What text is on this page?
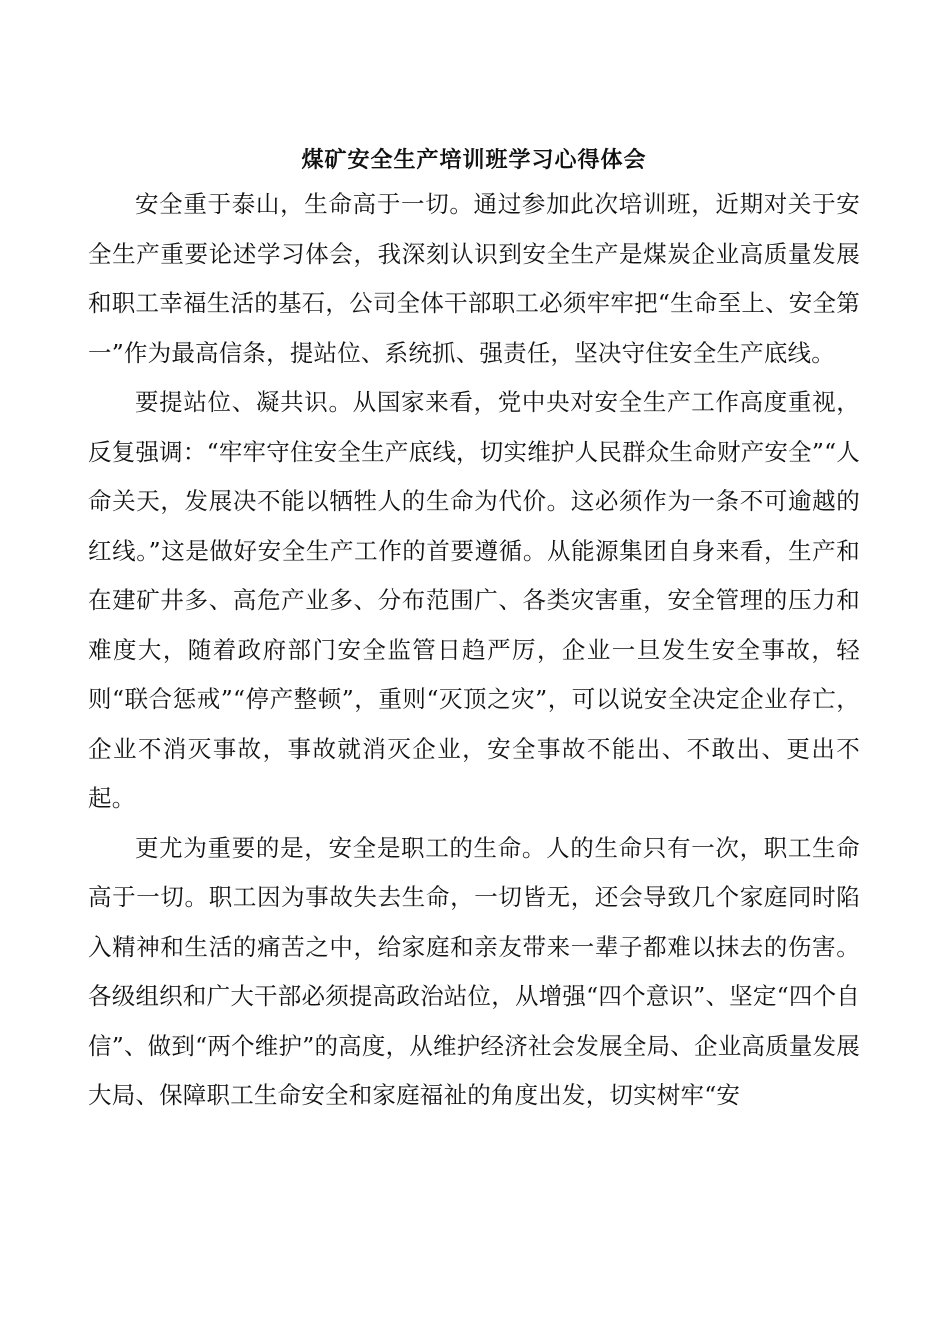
煤矿安全生产培训班学习心得体会

安全重于泰山，生命高于一切。通过参加此次培训班，近期对关于安全生产重要论述学习体会，我深刻认识到安全生产是煤炭企业高质量发展和职工幸福生活的基石，公司全体干部职工必须牢牢把“生命至上、安全第一”作为最高信条，提站位、系统抓、强责任，坚决守住安全生产底线。

要提站位、凝共识。从国家来看，党中央对安全生产工作高度重视，反复强调：“牢牢守住安全生产底线，切实维护人民群众生命财产安全”“人命关天，发展决不能以牺牲人的生命为代价。这必须作为一条不可逾越的红线。”这是做好安全生产工作的首要遵循。从能源集团自身来看，生产和在建矿井多、高危产业多、分布范围广、各类灾害重，安全管理的压力和难度大，随着政府部门安全监管日趋严厉，企业一旦发生安全事故，轻则“联合惩戒”“停产整顿”，重则“灭顶之灾”，可以说安全决定企业存亡，企业不消灭事故，事故就消灭企业，安全事故不能出、不敢出、更出不起。

更尤为重要的是，安全是职工的生命。人的生命只有一次，职工生命高于一切。职工因为事故失去生命，一切皆无，还会导致几个家庭同时陷入精神和生活的痛苦之中，给家庭和亲友带来一辈子都难以抹去的伤害。各级组织和广大干部必须提高政治站位，从增强“四个意识”、坚定“四个自信”、做到“两个维护”的高度，从维护经济社会发展全局、企业高质量发展大局、保障职工生命安全和家庭福祉的角度出发，切实树牢“安
